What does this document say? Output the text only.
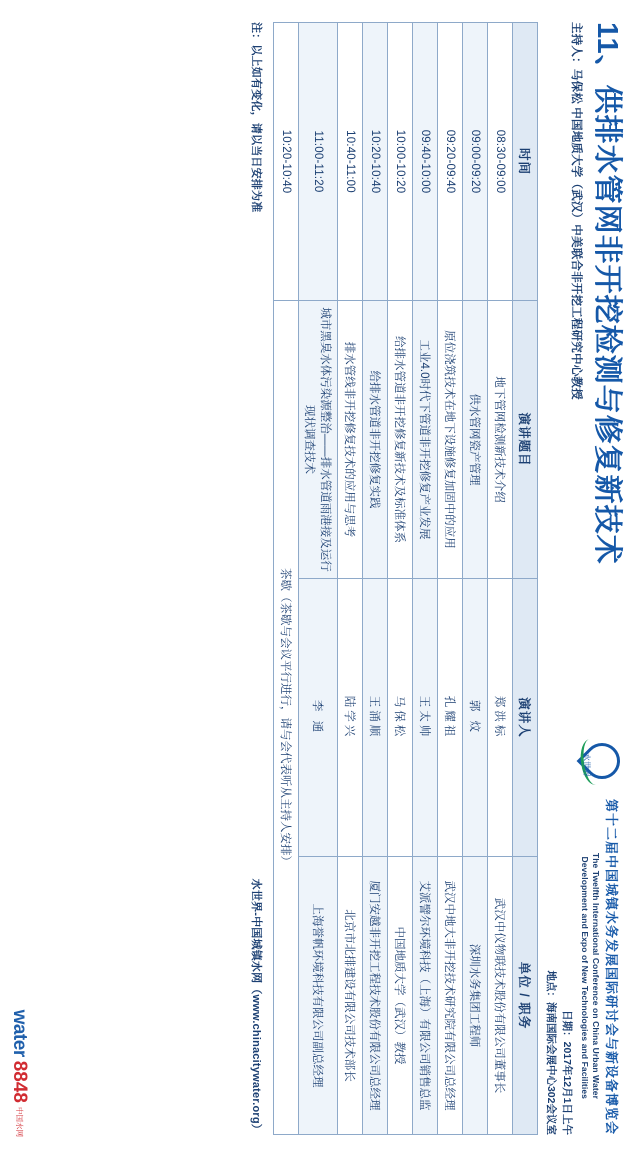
11、供排水管网非开挖检测与修复新技术
主持人：马保松 中国地质大学（武汉）中美联合非开挖工程研究中心教授
水世界
第十二届中国城镇水务发展国际研讨会与新设备博览会
The Twelfth International Conference on China Urban Water Development and Expo of New Technologies and Facilities
日期：2017年12月1日上午
地点：海南国际会展中心302会议室
时间	演讲题目	演讲人	单位 / 职务
08:30-09:00	地下管网检测新技术介绍	郑洪标	武汉中仪物联技术股份有限公司董事长
09:00-09:20	供水管网瓷产管理	郭 炆	深圳水务集团工程师
09:20-09:40	原位浇筑技术在地下设施修复加固中的应用	孔耀祖	武汉中地大非开挖技术研究院有限公司总经理
09:40-10:00	工业4.0时代下管道非开挖修复产业发展	王太帅	艾派譬尔环境科技（上海）有限公司销售总监
10:00-10:20	给排水管道非开挖修复新技术及标准体系	马保松	中国地质大学（武汉）教授
10:20-10:40	给排水管道非开挖修复实践	王涌顺	厦门安越非开挖工程技术股份有限公司总经理
10:40-11:00	排水管线非开挖修复技术的应用与思考	陆学兴	北京市北排建设有限公司技术部长
11:00-11:20	城市黑臭水体污染源整治——排水管道雨港接及运行现状调查技术	李 通	上海誉帆环境科技有限公司副总经理
10:20-10:40	茶歇（茶歇与会议平行进行，请与会代表听从主持人安排）		
注：以上如有变化，请以当日安排为准
水世界-中国城镇水网（www.chinacitywater.org）
water
8848
中国水网
